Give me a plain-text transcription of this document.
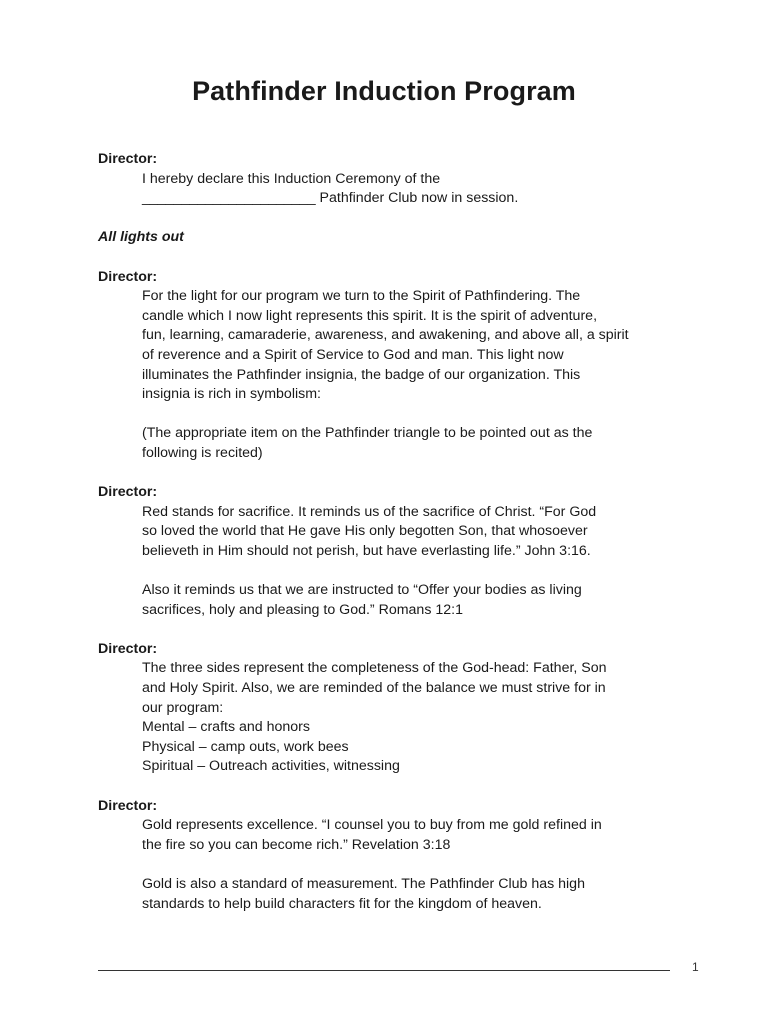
Pathfinder Induction Program

Director:

I hereby declare this Induction Ceremony of the

______________________ Pathfinder Club now in session.

All lights out

Director:

For the light for our program we turn to the Spirit of Pathfindering. The

candle which I now light represents this spirit. It is the spirit of adventure,

fun, learning, camaraderie, awareness, and awakening, and above all, a spirit

of reverence and a Spirit of Service to God and man. This light now

illuminates the Pathfinder insignia, the badge of our organization. This

insignia is rich in symbolism:

(The appropriate item on the Pathfinder triangle to be pointed out as the

following is recited)

Director:

Red stands for sacrifice. It reminds us of the sacrifice of Christ. “For God

so loved the world that He gave His only begotten Son, that whosoever

believeth in Him should not perish, but have everlasting life.” John 3:16.

Also it reminds us that we are instructed to “Offer your bodies as living

sacrifices, holy and pleasing to God.” Romans 12:1

Director:

The three sides represent the completeness of the God-head: Father, Son

and Holy Spirit. Also, we are reminded of the balance we must strive for in

our program:

Mental – crafts and honors

Physical – camp outs, work bees

Spiritual – Outreach activities, witnessing

Director:

Gold represents excellence. “I counsel you to buy from me gold refined in

the fire so you can become rich.” Revelation 3:18

Gold is also a standard of measurement. The Pathfinder Club has high

standards to help build characters fit for the kingdom of heaven.

1
